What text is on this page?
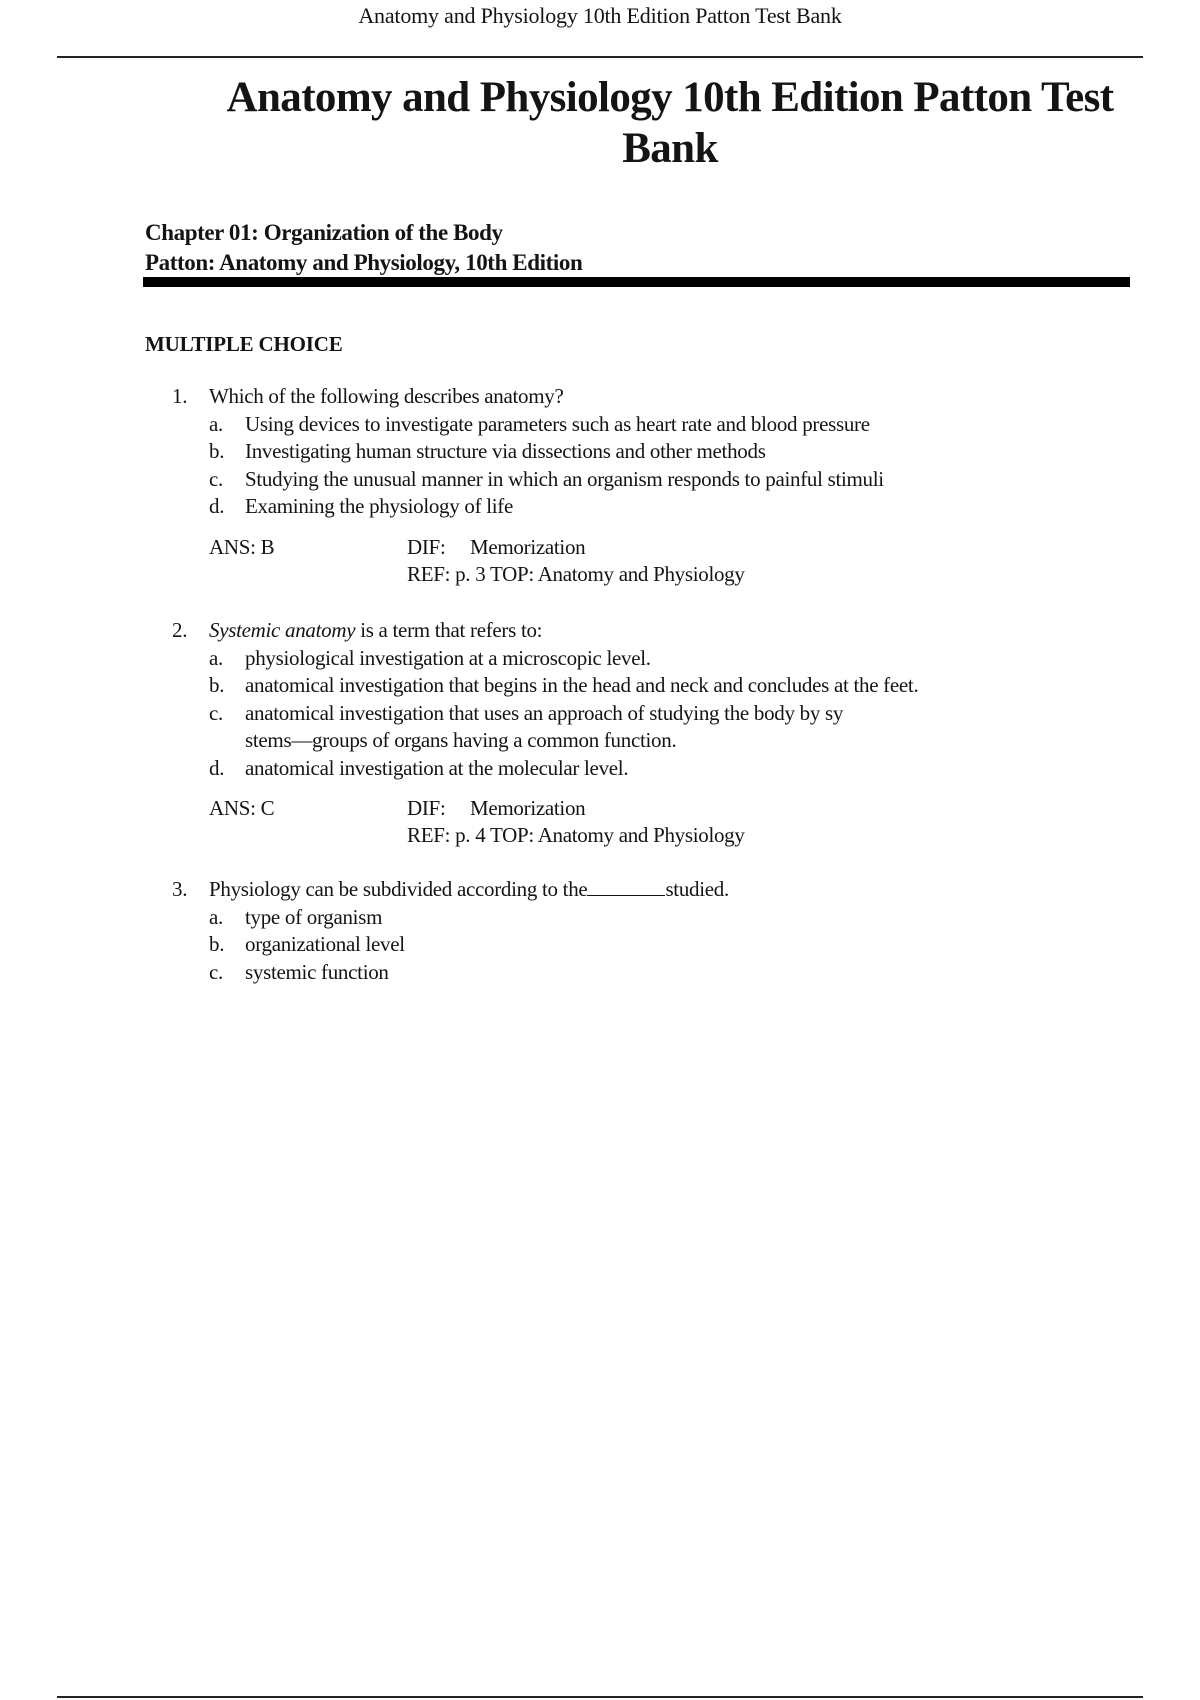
Anatomy and Physiology 10th Edition Patton Test Bank
Anatomy and Physiology 10th Edition Patton Test
Bank
Chapter 01: Organization of the Body
Patton: Anatomy and Physiology, 10th Edition
MULTIPLE CHOICE
1. Which of the following describes anatomy?
a. Using devices to investigate parameters such as heart rate and blood pressure
b. Investigating human structure via dissections and other methods
c. Studying the unusual manner in which an organism responds to painful stimuli
d. Examining the physiology of life
ANS: B	DIF: Memorization
REF: p. 3 TOP: Anatomy and Physiology
2. Systemic anatomy is a term that refers to:
a. physiological investigation at a microscopic level.
b. anatomical investigation that begins in the head and neck and concludes at the feet.
c. anatomical investigation that uses an approach of studying the body by sy
stems—groups of organs having a common function.
d. anatomical investigation at the molecular level.
ANS: C	DIF: Memorization
REF: p. 4 TOP: Anatomy and Physiology
3. Physiology can be subdivided according to the	studied.
a. type of organism
b. organizational level
c. systemic function
